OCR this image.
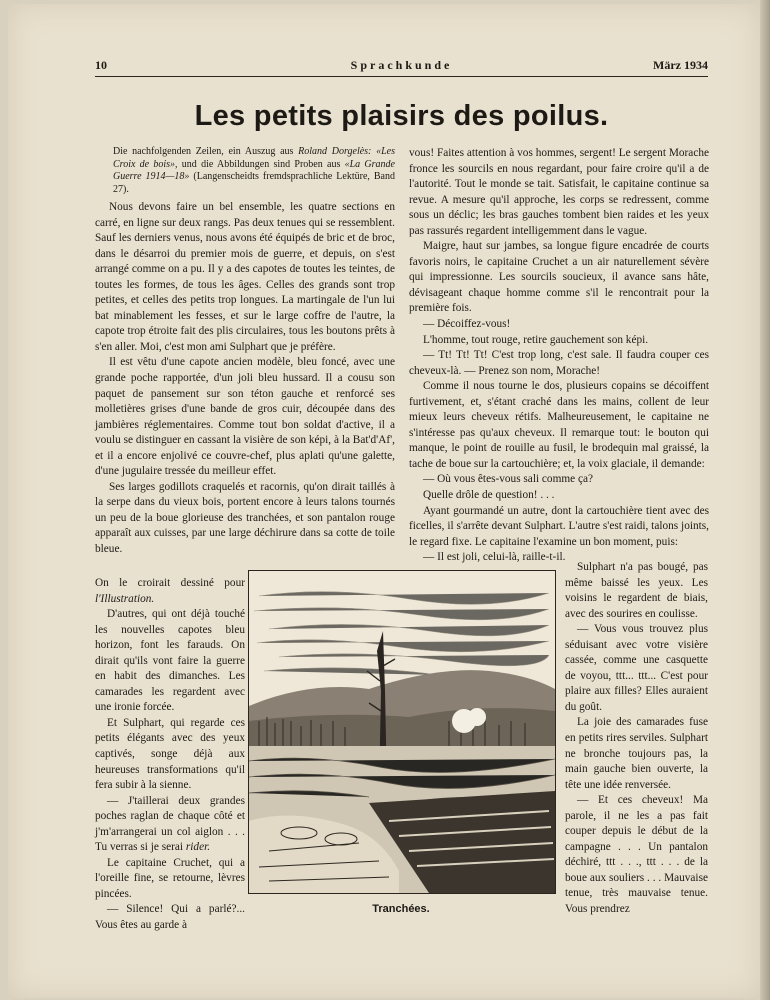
10	Sprachkunde	März 1934
Les petits plaisirs des poilus.
Die nachfolgenden Zeilen, ein Auszug aus Roland Dorgelès: «Les Croix de bois», und die Abbildungen sind Proben aus «La Grande Guerre 1914—18» (Langenscheidts fremdsprachliche Lektüre, Band 27).

Nous devons faire un bel ensemble, les quatre sections en carré, en ligne sur deux rangs. Pas deux tenues qui se ressemblent. Sauf les derniers venus, nous avons été équipés de bric et de broc, dans le désarroi du premier mois de guerre, et depuis, on s'est arrangé comme on a pu. Il y a des capotes de toutes les teintes, de toutes les formes, de tous les âges. Celles des grands sont trop petites, et celles des petits trop longues. La martingale de l'un lui bat minablement les fesses, et sur le large coffre de l'autre, la capote trop étroite fait des plis circulaires, tous les boutons prêts à s'en aller. Moi, c'est mon ami Sulphart que je préfère.

Il est vêtu d'une capote ancien modèle, bleu foncé, avec une grande poche rapportée, d'un joli bleu hussard. Il a cousu son paquet de pansement sur son téton gauche et renforcé ses molletières grises d'une bande de gros cuir, découpée dans des jambières réglementaires. Comme tout bon soldat d'active, il a voulu se distinguer en cassant la visière de son képi, à la Bat'd'Af', et il a encore enjolivé ce couvre-chef, plus aplati qu'une galette, d'une jugulaire tressée du meilleur effet.

Ses larges godillots craquelés et racornis, qu'on dirait taillés à la serpe dans du vieux bois, portent encore à leurs talons tournés un peu de la boue glorieuse des tranchées, et son pantalon rouge apparaît aux cuisses, par une large déchirure dans sa cotte de toile bleue.

On le croirait dessiné pour l'Illustration.

D'autres, qui ont déjà touché les nouvelles capotes bleu horizon, font les farauds. On dirait qu'ils vont faire la guerre en habit des dimanches. Les camarades les regardent avec une ironie forcée.

Et Sulphart, qui regarde ces petits élégants avec des yeux captivés, songe déjà aux heureuses transformations qu'il fera subir à la sienne.

— J'taillerai deux grandes poches raglan de chaque côté et j'm'arrangerai un col aiglon . . . Tu verras si je serai rider.

Le capitaine Cruchet, qui a l'oreille fine, se retourne, lèvres pincées.

— Silence! Qui a parlé?... Vous êtes au garde à

Tranchées.

vous! Faites attention à vos hommes, sergent! Le sergent Morache fronce les sourcils en nous regardant, pour faire croire qu'il a de l'autorité. Tout le monde se tait. Satisfait, le capitaine continue sa revue. A mesure qu'il approche, les corps se redressent, comme sous un déclic; les bras gauches tombent bien raides et les yeux pas rassurés regardent intelligemment dans le vague.

Maigre, haut sur jambes, sa longue figure encadrée de courts favoris noirs, le capitaine Cruchet a un air naturellement sévère qui impressionne. Les sourcils soucieux, il avance sans hâte, dévisageant chaque homme comme s'il le rencontrait pour la première fois.

— Décoiffez-vous!

L'homme, tout rouge, retire gauchement son képi.

— Tt! Tt! Tt! C'est trop long, c'est sale. Il faudra couper ces cheveux-là. — Prenez son nom, Morache!

Comme il nous tourne le dos, plusieurs copains se décoiffent furtivement, et, s'étant craché dans les mains, collent de leur mieux leurs cheveux rétifs. Malheureusement, le capitaine ne s'intéresse pas qu'aux cheveux. Il remarque tout: le bouton qui manque, le point de rouille au fusil, le brodequin mal graissé, la tache de boue sur la cartouchière; et, la voix glaciale, il demande:

— Où vous êtes-vous sali comme ça?

Quelle drôle de question! . . .

Ayant gourmandé un autre, dont la cartouchière tient avec des ficelles, il s'arrête devant Sulphart. L'autre s'est raidi, talons joints, le regard fixe. Le capitaine l'examine un bon moment, puis:

— Il est joli, celui-là, raille-t-il.

Sulphart n'a pas bougé, pas même baissé les yeux. Les voisins le regardent de biais, avec des sourires en coulisse.

— Vous vous trouvez plus séduisant avec votre visière cassée, comme une casquette de voyou, ttt... ttt... C'est pour plaire aux filles? Elles auraient du goût.

La joie des camarades fuse en petits rires serviles. Sulphart ne bronche toujours pas, la main gauche bien ouverte, la tête une idée renversée.

— Et ces cheveux! Ma parole, il ne les a pas fait couper depuis le début de la campagne . . . Un pantalon déchiré, ttt . . ., ttt . . . de la boue aux souliers . . . Mauvaise tenue, très mauvaise tenue. Vous prendrez
